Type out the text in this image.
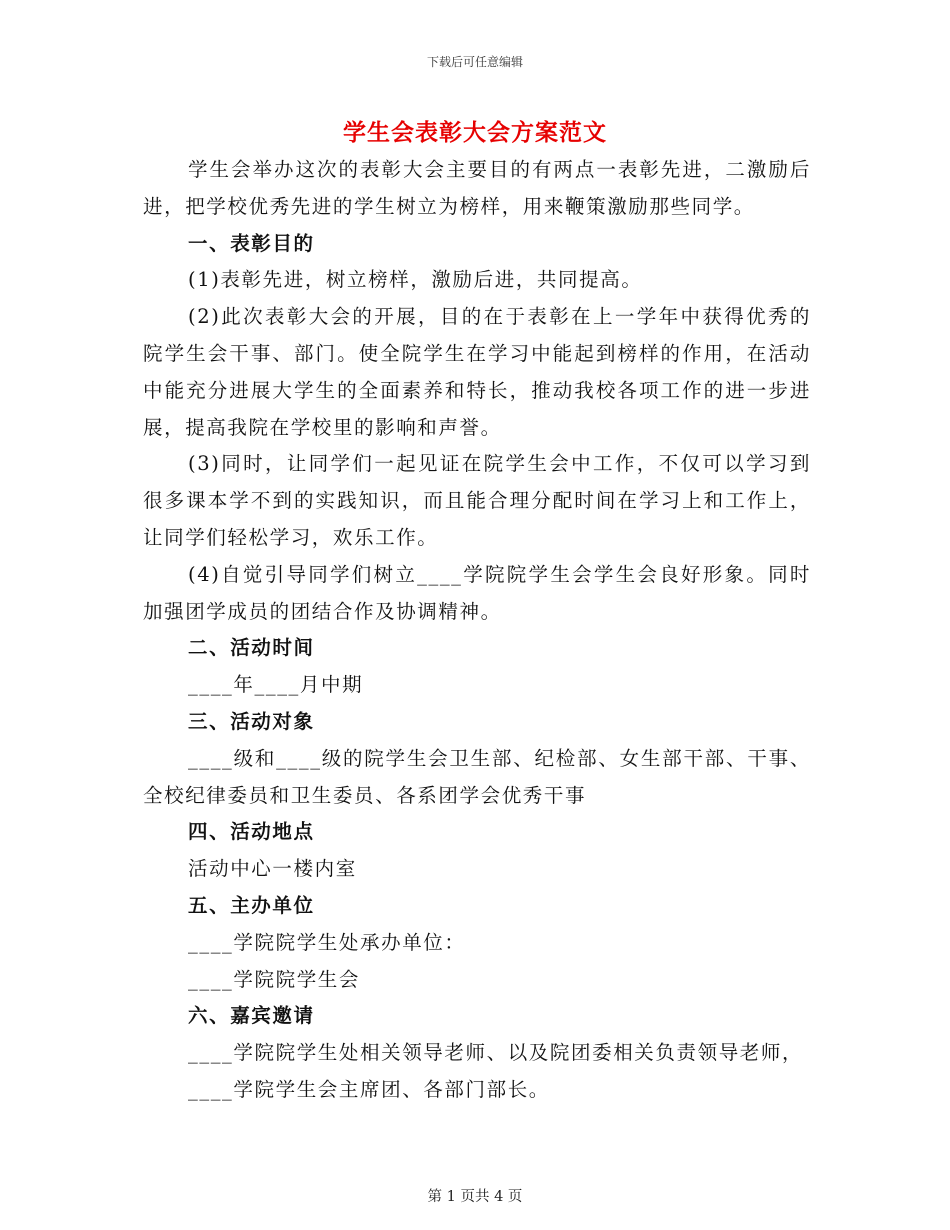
下载后可任意编辑
学生会表彰大会方案范文

学生会举办这次的表彰大会主要目的有两点一表彰先进，二激励后进，把学校优秀先进的学生树立为榜样，用来鞭策激励那些同学。

一、表彰目的

(1)表彰先进，树立榜样，激励后进，共同提高。

(2)此次表彰大会的开展，目的在于表彰在上一学年中获得优秀的院学生会干事、部门。使全院学生在学习中能起到榜样的作用，在活动中能充分进展大学生的全面素养和特长，推动我校各项工作的进一步进展，提高我院在学校里的影响和声誉。

(3)同时，让同学们一起见证在院学生会中工作，不仅可以学习到很多课本学不到的实践知识，而且能合理分配时间在学习上和工作上，让同学们轻松学习，欢乐工作。

(4)自觉引导同学们树立____学院院学生会学生会良好形象。同时加强团学成员的团结合作及协调精神。

二、活动时间

____年____月中期

三、活动对象

____级和____级的院学生会卫生部、纪检部、女生部干部、干事、全校纪律委员和卫生委员、各系团学会优秀干事

四、活动地点

活动中心一楼内室

五、主办单位

____学院院学生处承办单位：

____学院院学生会

六、嘉宾邀请

____学院院学生处相关领导老师、以及院团委相关负责领导老师，

____学院学生会主席团、各部门部长。

第 1 页共 4 页
